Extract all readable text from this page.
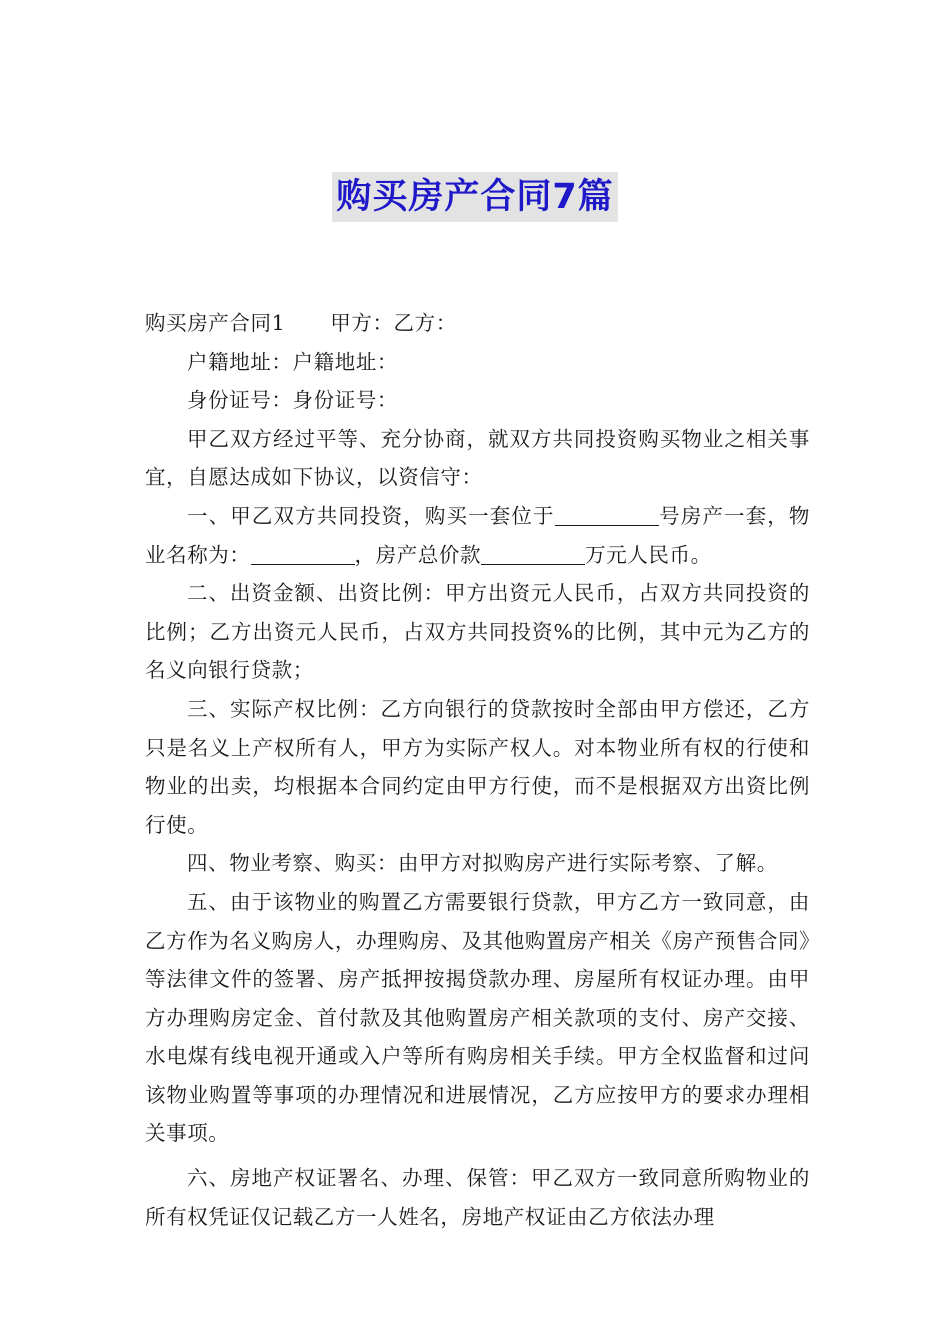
购买房产合同7篇

购买房产合同1 甲方：乙方：

户籍地址：户籍地址：

身份证号：身份证号：

甲乙双方经过平等、充分协商，就双方共同投资购买物业之相关事宜，自愿达成如下协议，以资信守：

一、甲乙双方共同投资，购买一套位于	号房产一套，物业名称为：	，房产总价款	万元人民币。

二、出资金额、出资比例：甲方出资元人民币，占双方共同投资的比例；乙方出资元人民币，占双方共同投资%的比例，其中元为乙方的名义向银行贷款；

三、实际产权比例：乙方向银行的贷款按时全部由甲方偿还，乙方只是名义上产权所有人，甲方为实际产权人。对本物业所有权的行使和物业的出卖，均根据本合同约定由甲方行使，而不是根据双方出资比例行使。

四、物业考察、购买：由甲方对拟购房产进行实际考察、了解。

五、由于该物业的购置乙方需要银行贷款，甲方乙方一致同意，由乙方作为名义购房人，办理购房、及其他购置房产相关《房产预售合同》等法律文件的签署、房产抵押按揭贷款办理、房屋所有权证办理。由甲方办理购房定金、首付款及其他购置房产相关款项的支付、房产交接、水电煤有线电视开通或入户等所有购房相关手续。甲方全权监督和过问该物业购置等事项的办理情况和进展情况，乙方应按甲方的要求办理相关事项。

六、房地产权证署名、办理、保管：甲乙双方一致同意所购物业的所有权凭证仅记载乙方一人姓名，房地产权证由乙方依法办理
